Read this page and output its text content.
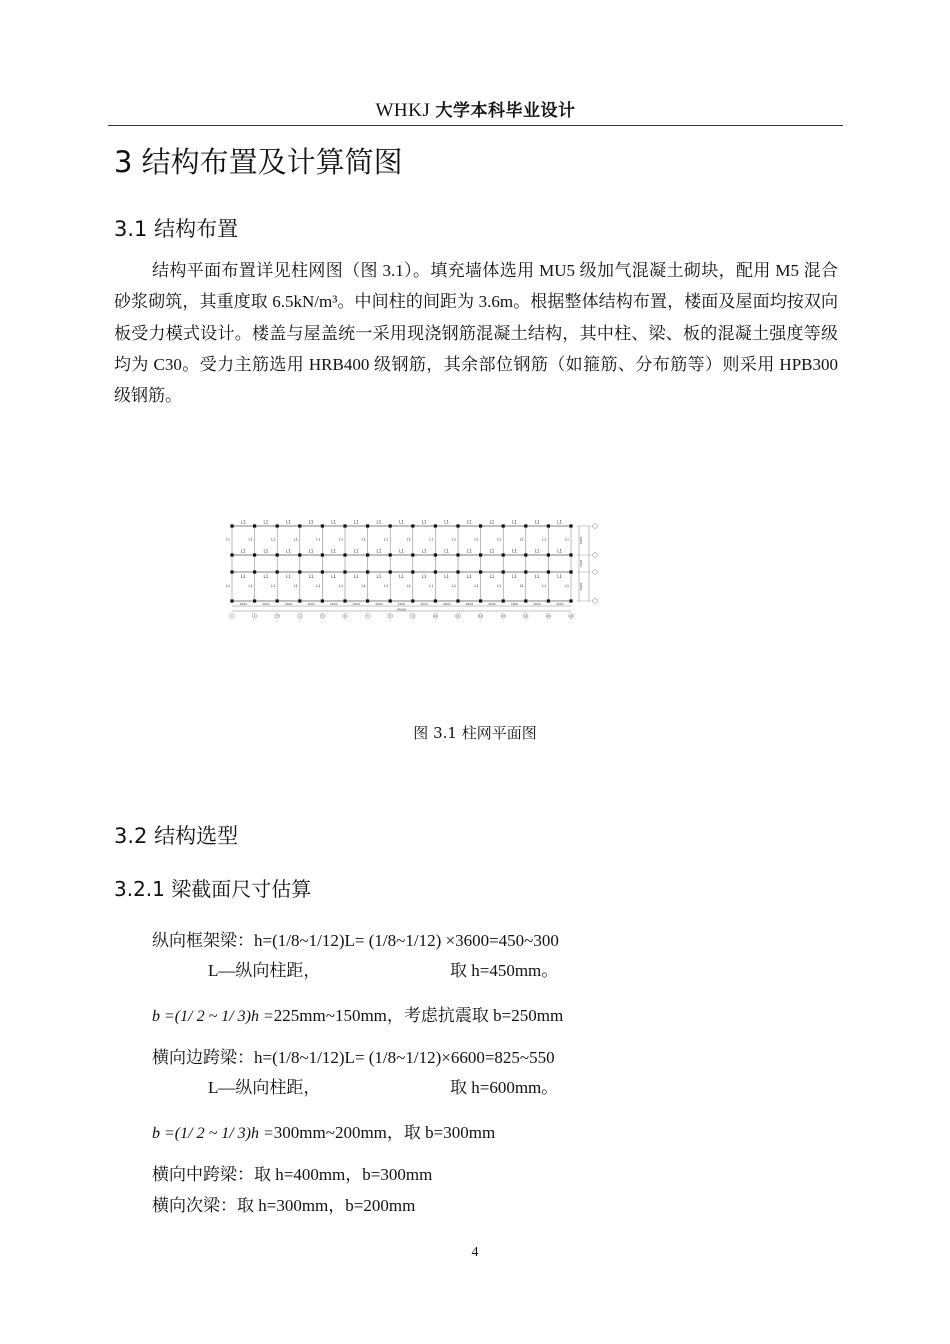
WHKJ 大学本科毕业设计
3 结构布置及计算简图
3.1 结构布置
结构平面布置详见柱网图（图 3.1）。填充墙体选用 MU5 级加气混凝土砌块，配用 M5 混合砂浆砌筑，其重度取 6.5kN/m³。中间柱的间距为 3.6m。根据整体结构布置，楼面及屋面均按双向板受力模式设计。楼盖与屋盖统一采用现浇钢筋混凝土结构，其中柱、梁、板的混凝土强度等级均为 C30。受力主筋选用 HRB400 级钢筋，其余部位钢筋（如箍筋、分布筋等）则采用 HPB300 级钢筋。
L1
L1
L1
L1
L1
L1
L1
L1
L1
L1
L1
L1
L1
L1
L1
L1
L1
L1
L1
L1
L1
L1
L1
L1
L1
L1
L1
L1
L1
L1
L1
L1
L1
L1
L1
L1
L1
L1
L1
L1
L1
L1
L1
L1
L1
L1
L1
L1
L1
L1
L1
L1
L1
L1
L1
L1
L1
L1
L1
L1
L1
L1
L1
L1
L1
L1
L1
L1
L1
L1
L1
L1
L1
L1
L1
L1
L1
3600	3600	3600	3600	3600	3600	3600	3600	3600	3600	3600	3600	3600	3600	3600
54000
1	2	3	4	5	6	7	8	9	10	11	12	13	14	15	16
6600
2400
6600
图 3.1 柱网平面图
3.2 结构选型
3.2.1 梁截面尺寸估算
纵向框架梁：h=(1/8~1/12)L= (1/8~1/12) ×3600=450~300
L—纵向柱距，	取 h=450mm。
b =(1/ 2 ~ 1/ 3)h =225mm~150mm，考虑抗震取 b=250mm
横向边跨梁：h=(1/8~1/12)L= (1/8~1/12)×6600=825~550
L—纵向柱距，	取 h=600mm。
b =(1/ 2 ~ 1/ 3)h =300mm~200mm，取 b=300mm
横向中跨梁：取 h=400mm，b=300mm
横向次梁：取 h=300mm，b=200mm
4
